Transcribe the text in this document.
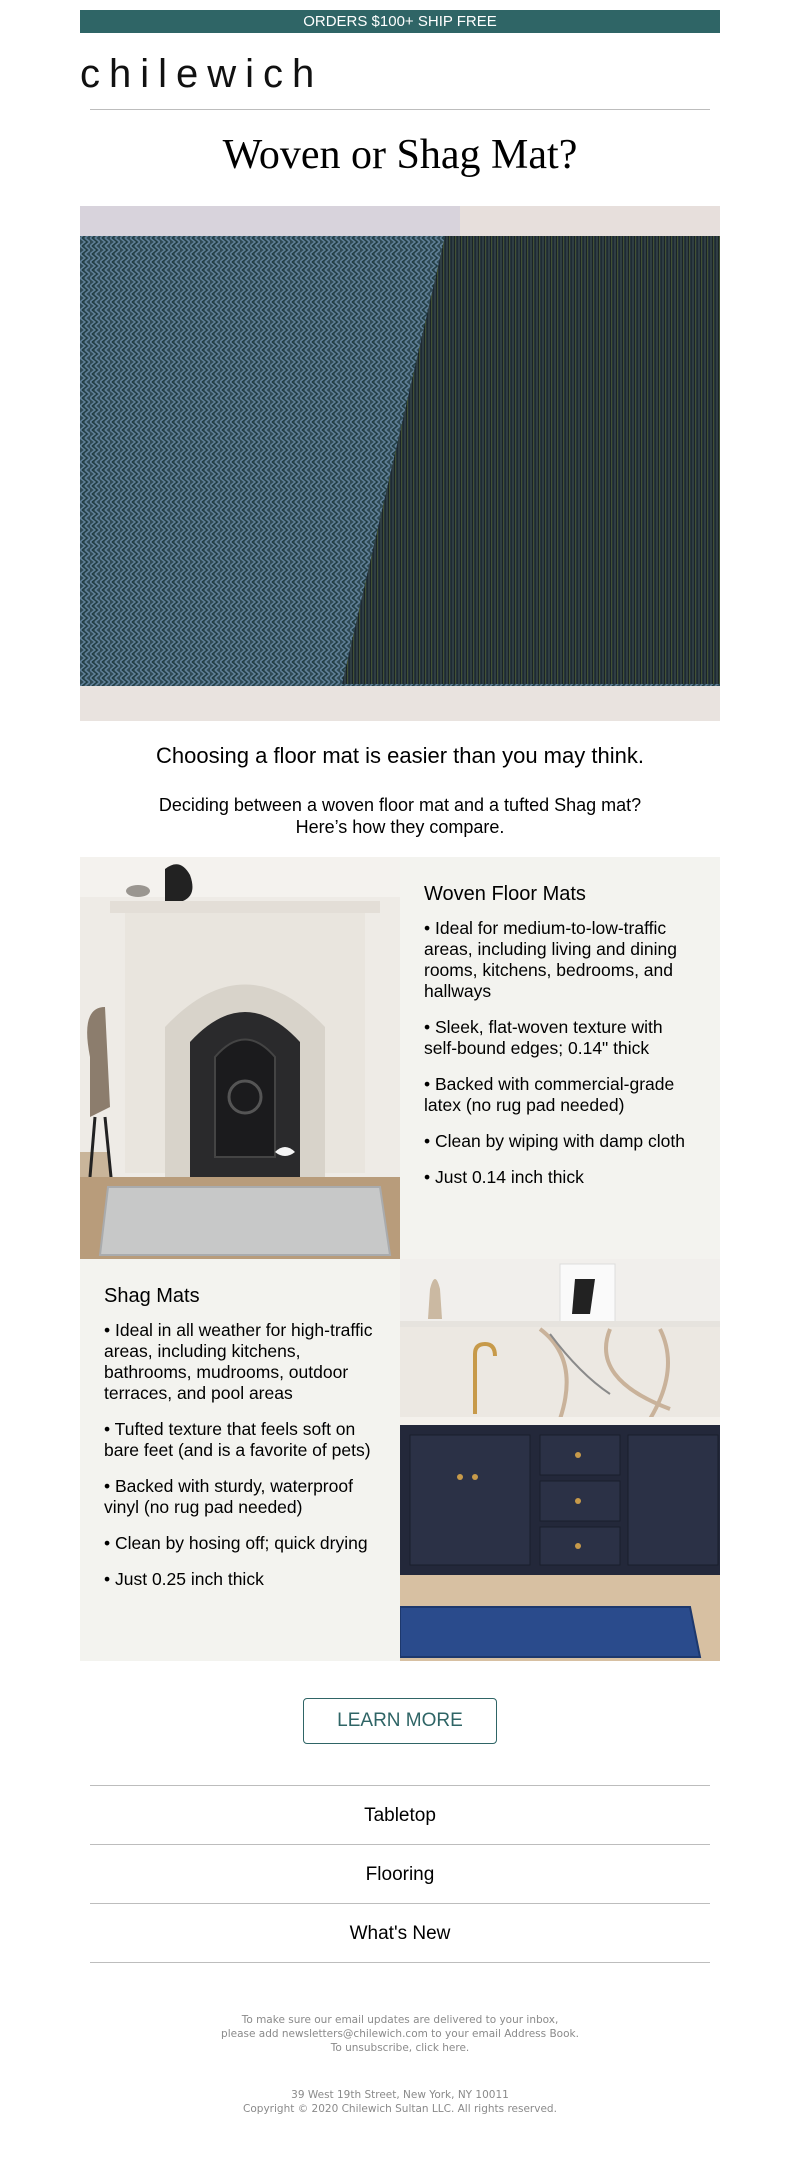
ORDERS $100+ SHIP FREE
chilewich
Woven or Shag Mat?
Choosing a floor mat is easier than you may think.
Deciding between a woven floor mat and a tufted Shag mat?
Here’s how they compare.
Woven Floor Mats
• Ideal for medium-to-low-traffic areas, including living and dining rooms, kitchens, bedrooms, and hallways
• Sleek, flat-woven texture with self-bound edges; 0.14" thick
• Backed with commercial-grade latex (no rug pad needed)
• Clean by wiping with damp cloth
• Just 0.14 inch thick
Shag Mats
• Ideal in all weather for high-traffic areas, including kitchens, bathrooms, mudrooms, outdoor terraces, and pool areas
• Tufted texture that feels soft on bare feet (and is a favorite of pets)
• Backed with sturdy, waterproof vinyl (no rug pad needed)
• Clean by hosing off; quick drying
• Just 0.25 inch thick
LEARN MORE
Tabletop
Flooring
What's New
To make sure our email updates are delivered to your inbox,
please add newsletters@chilewich.com to your email Address Book.
To unsubscribe, click here.
39 West 19th Street, New York, NY 10011
Copyright © 2020 Chilewich Sultan LLC. All rights reserved.
